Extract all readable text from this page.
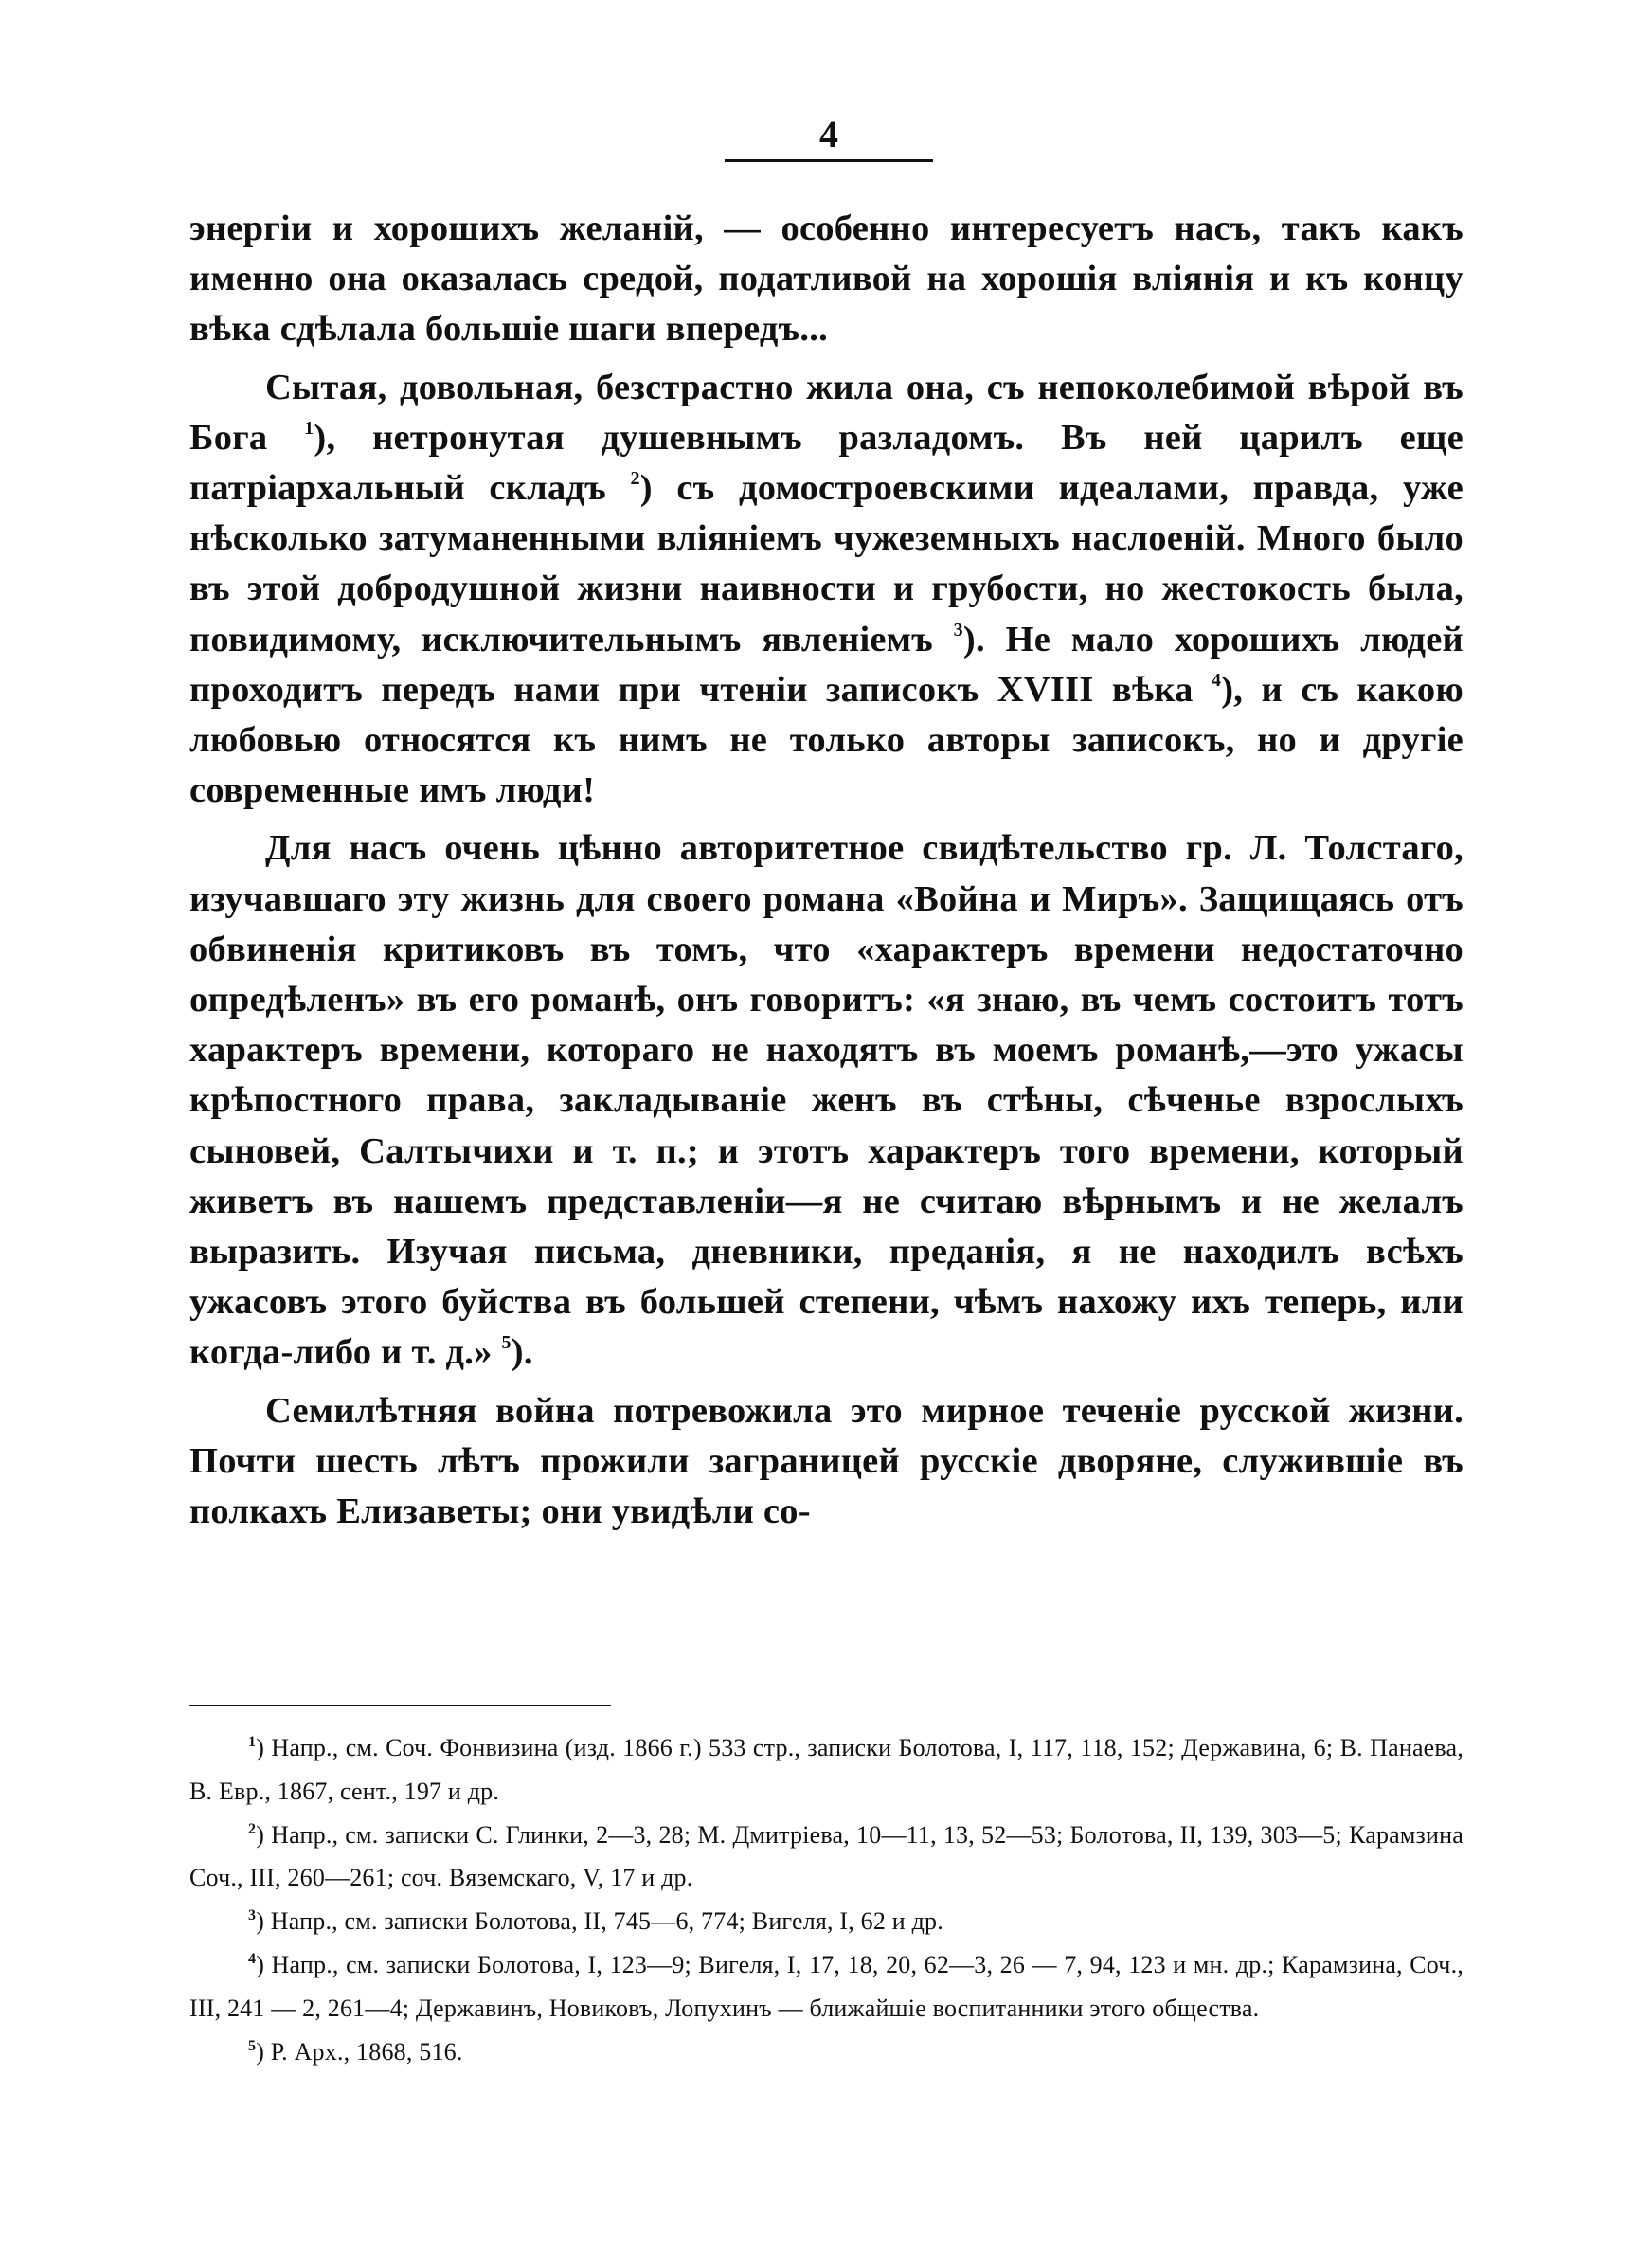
4

энергіи и хорошихъ желаній, — особенно интересуетъ насъ, такъ какъ именно она оказалась средой, податливой на хорошія вліянія и къ концу вѣка сдѣлала большіе шаги впередъ...

Сытая, довольная, безстрастно жила она, съ непоколебимой вѣрой въ Бога $^1$), нетронутая душевнымъ разладомъ. Въ ней царилъ еще патріархальный складъ $^2$) съ домостроевскими идеалами, правда, уже нѣсколько затуманенными вліяніемъ чужеземныхъ наслоеній. Много было въ этой добродушной жизни наивности и грубости, но жестокость была, повидимому, исключительнымъ явленіемъ $^3$). Не мало хорошихъ людей проходитъ передъ нами при чтеніи записокъ XVIII вѣка $^4$), и съ какою любовью относятся къ нимъ не только авторы записокъ, но и другіе современные имъ люди!

Для насъ очень цѣнно авторитетное свидѣтельство гр. Л. Толстаго, изучавшаго эту жизнь для своего романа «Война и Миръ». Защищаясь отъ обвиненія критиковъ въ томъ, что «характеръ времени недостаточно опредѣленъ» въ его романѣ, онъ говоритъ: «я знаю, въ чемъ состоитъ тотъ характеръ времени, котораго не находятъ въ моемъ романѣ,—это ужасы крѣпостного права, закладываніе женъ въ стѣны, сѣченье взрослыхъ сыновей, Салтычихи и т. п.; и этотъ характеръ того времени, который живетъ въ нашемъ представленіи—я не считаю вѣрнымъ и не желалъ выразить. Изучая письма, дневники, преданія, я не находилъ всѣхъ ужасовъ этого буйства въ большей степени, чѣмъ нахожу ихъ теперь, или когда-либо и т. д.» $^5$).

Семилѣтняя война потревожила это мирное теченіе русской жизни. Почти шесть лѣтъ прожили заграницей русскіе дворяне, служившіе въ полкахъ Елизаветы; они увидѣли со-

$^1$) Напр., см. Соч. Фонвизина (изд. 1866 г.) 533 стр., записки Болотова, I, 117, 118, 152; Державина, 6; В. Панаева, В. Евр., 1867, сент., 197 и др.

$^2$) Напр., см. записки С. Глинки, 2—3, 28; М. Дмитріева, 10—11, 13, 52—53; Болотова, II, 139, 303—5; Карамзина Соч., III, 260—261; соч. Вяземскаго, V, 17 и др.

$^3$) Напр., см. записки Болотова, II, 745—6, 774; Вигеля, I, 62 и др.

$^4$) Напр., см. записки Болотова, I, 123—9; Вигеля, I, 17, 18, 20, 62—3, 26 — 7, 94, 123 и мн. др.; Карамзина, Соч., III, 241 — 2, 261—4; Державинъ, Новиковъ, Лопухинъ — ближайшіе воспитанники этого общества.

$^5$) Р. Арх., 1868, 516.
